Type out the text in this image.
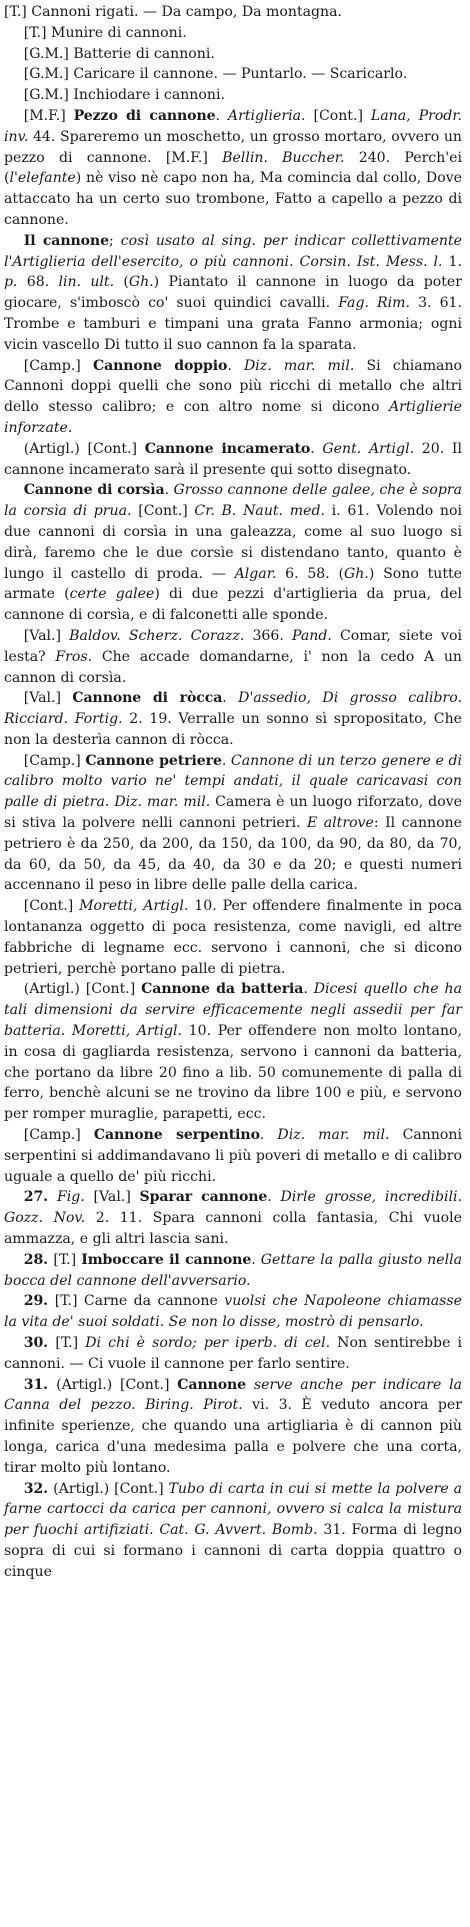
[T.] Cannoni rigati. — Da campo, Da montagna.

[T.] Munire di cannoni.

[G.M.] Batterie di cannoni.

[G.M.] Caricare il cannone. — Puntarlo. — Scaricarlo.

[G.M.] Inchiodare i cannoni.

[M.F.] Pezzo di cannone. Artiglieria. [Cont.] Lana, Prodr. inv. 44. Spareremo un moschetto, un grosso mortaro, ovvero un pezzo di cannone. [M.F.] Bellin. Buccher. 240. Perch'ei (l'elefante) nè viso nè capo non ha, Ma comincia dal collo, Dove attaccato ha un certo suo trombone, Fatto a capello a pezzo di cannone.

Il cannone; così usato al sing. per indicar collettivamente l'Artiglieria dell'esercito, o più cannoni. Corsin. Ist. Mess. l. 1. p. 68. lin. ult. (Gh.) Piantato il cannone in luogo da poter giocare, s'imboscò co' suoi quindici cavalli. Fag. Rim. 3. 61. Trombe e tamburi e timpani una grata Fanno armonia; ogni vicin vascello Di tutto il suo cannon fa la sparata.

[Camp.] Cannone doppio. Diz. mar. mil. Si chiamano Cannoni doppi quelli che sono più ricchi di metallo che altri dello stesso calibro; e con altro nome si dicono Artiglierie inforzate.

(Artigl.) [Cont.] Cannone incamerato. Gent. Artigl. 20. Il cannone incamerato sarà il presente qui sotto disegnato.

Cannone di corsìa. Grosso cannone delle galee, che è sopra la corsìa di prua. [Cont.] Cr. B. Naut. med. i. 61. Volendo noi due cannoni di corsìa in una galeazza, come al suo luogo si dirà, faremo che le due corsìe si distendano tanto, quanto è lungo il castello di proda. — Algar. 6. 58. (Gh.) Sono tutte armate (certe galee) di due pezzi d'artiglieria da prua, del cannone di corsìa, e di falconetti alle sponde.

[Val.] Baldov. Scherz. Corazz. 366. Pand. Comar, siete voi lesta? Fros. Che accade domandarne, i' non la cedo A un cannon di corsìa.

[Val.] Cannone di ròcca. D'assedio, Di grosso calibro. Ricciard. Fortig. 2. 19. Verralle un sonno sì spropositato, Che non la desterìa cannon di ròcca.

[Camp.] Cannone petriere. Cannone di un terzo genere e di calibro molto vario ne' tempi andati, il quale caricavasi con palle di pietra. Diz. mar. mil. Camera è un luogo riforzato, dove si stiva la polvere nelli cannoni petrieri. E altrove: Il cannone petriero è da 250, da 200, da 150, da 100, da 90, da 80, da 70, da 60, da 50, da 45, da 40, da 30 e da 20; e questi numeri accennano il peso in libre delle palle della carica.

[Cont.] Moretti, Artigl. 10. Per offendere finalmente in poca lontananza oggetto di poca resistenza, come navigli, ed altre fabbriche di legname ecc. servono i cannoni, che si dicono petrieri, perchè portano palle di pietra.

(Artigl.) [Cont.] Cannone da batteria. Dicesi quello che ha tali dimensioni da servire efficacemente negli assedii per far batteria. Moretti, Artigl. 10. Per offendere non molto lontano, in cosa di gagliarda resistenza, servono i cannoni da batteria, che portano da libre 20 fino a lib. 50 comunemente di palla di ferro, benchè alcuni se ne trovino da libre 100 e più, e servono per romper muraglie, parapetti, ecc.

[Camp.] Cannone serpentino. Diz. mar. mil. Cannoni serpentini si addimandavano li più poveri di metallo e di calibro uguale a quello de' più ricchi.

27. Fig. [Val.] Sparar cannone. Dirle grosse, incredibili. Gozz. Nov. 2. 11. Spara cannoni colla fantasia, Chi vuole ammazza, e gli altri lascia sani.

28. [T.] Imboccare il cannone. Gettare la palla giusto nella bocca del cannone dell'avversario.

29. [T.] Carne da cannone vuolsi che Napoleone chiamasse la vita de' suoi soldati. Se non lo disse, mostrò di pensarlo.

30. [T.] Di chi è sordo; per iperb. di cel. Non sentirebbe i cannoni. — Ci vuole il cannone per farlo sentire.

31. (Artigl.) [Cont.] Cannone serve anche per indicare la Canna del pezzo. Biring. Pirot. vi. 3. È veduto ancora per infinite sperienze, che quando una artigliaria è di cannon più longa, carica d'una medesima palla e polvere che una corta, tirar molto più lontano.

32. (Artigl.) [Cont.] Tubo di carta in cui si mette la polvere a farne cartocci da carica per cannoni, ovvero si calca la mistura per fuochi artifiziati. Cat. G. Avvert. Bomb. 31. Forma di legno sopra di cui si formano i cannoni di carta doppia quattro o cinque
